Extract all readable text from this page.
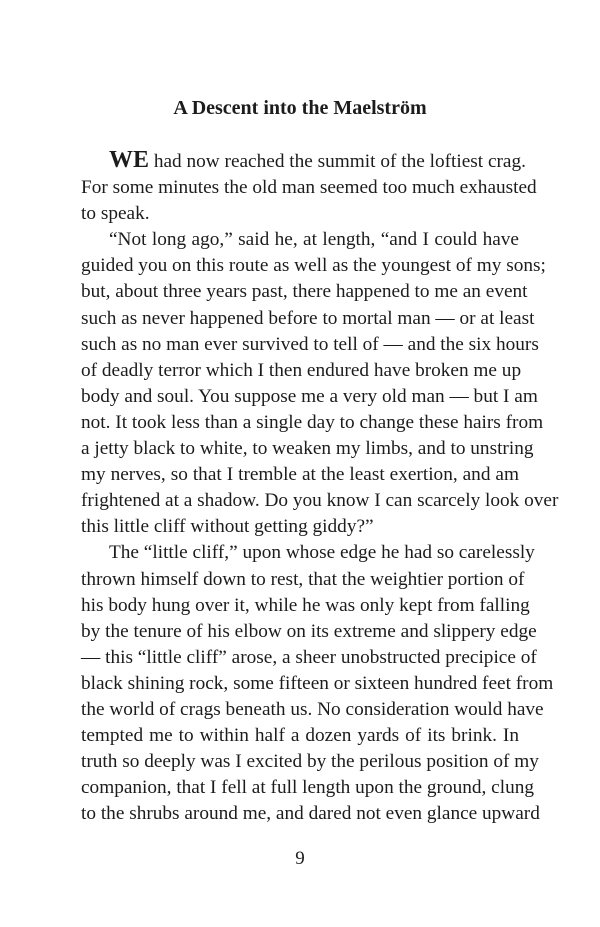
A Descent into the Maelström
WE had now reached the summit of the loftiest crag.
For some minutes the old man seemed too much exhausted
to speak.
“Not long ago,” said he, at length, “and I could have
guided you on this route as well as the youngest of my sons;
but, about three years past, there happened to me an event
such as never happened before to mortal man — or at least
such as no man ever survived to tell of — and the six hours
of deadly terror which I then endured have broken me up
body and soul. You suppose me a very old man — but I am
not. It took less than a single day to change these hairs from
a jetty black to white, to weaken my limbs, and to unstring
my nerves, so that I tremble at the least exertion, and am
frightened at a shadow. Do you know I can scarcely look over
this little cliff without getting giddy?”
The “little cliff,” upon whose edge he had so carelessly
thrown himself down to rest, that the weightier portion of
his body hung over it, while he was only kept from falling
by the tenure of his elbow on its extreme and slippery edge
— this “little cliff” arose, a sheer unobstructed precipice of
black shining rock, some fifteen or sixteen hundred feet from
the world of crags beneath us. No consideration would have
tempted me to within half a dozen yards of its brink. In
truth so deeply was I excited by the perilous position of my
companion, that I fell at full length upon the ground, clung
to the shrubs around me, and dared not even glance upward

9
